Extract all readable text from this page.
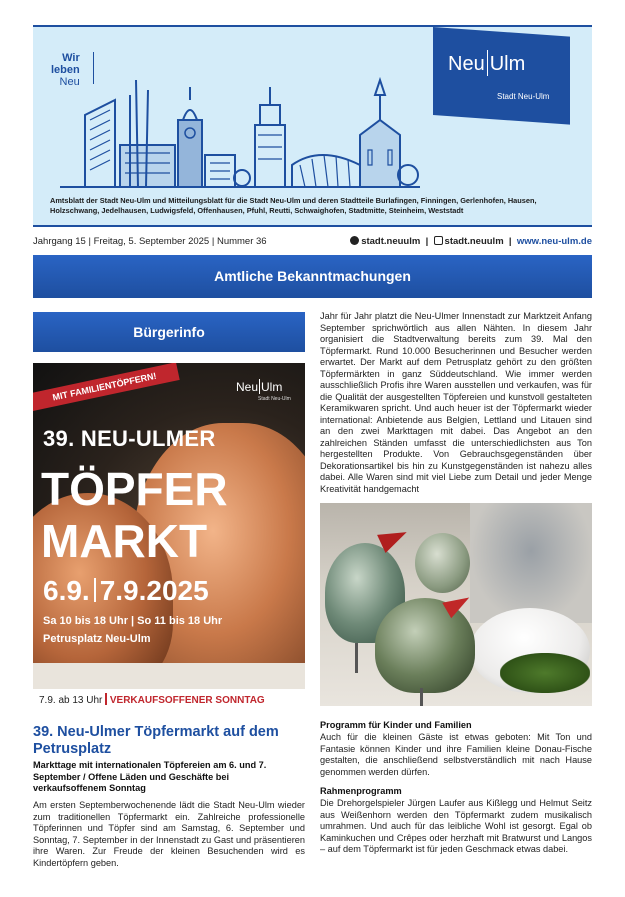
Wir
leben
Neu
Neu Ulm
Stadt Neu-Ulm
Amtsblatt der Stadt Neu-Ulm und Mitteilungsblatt für die Stadt Neu-Ulm und deren Stadtteile Burlafingen, Finningen, Gerlenhofen, Hausen, Holzschwang, Jedelhausen, Ludwigsfeld, Offenhausen, Pfuhl, Reutti, Schwaighofen, Stadtmitte, Steinheim, Weststadt
Jahrgang 15 | Freitag, 5. September 2025 | Nummer 36	stadt.neuulm  |  stadt.neuulm  |  www.neu-ulm.de
Amtliche Bekanntmachungen
Bürgerinfo
MIT FAMILIENTÖPFERN!	Neu Ulm
Stadt Neu-Ulm
39. NEU-ULMER
TÖPFER
MARKT
6.9. 7.9.2025
Sa 10 bis 18 Uhr | So 11 bis 18 Uhr
Petrusplatz Neu-Ulm
7.9. ab 13 Uhr VERKAUFSOFFENER SONNTAG
39. Neu-Ulmer Töpfermarkt auf dem Petrusplatz
Markttage mit internationalen Töpfereien am 6. und 7. September / Offene Läden und Geschäfte bei verkaufsoffenem Sonntag
Am ersten Septemberwochenende lädt die Stadt Neu-Ulm wieder zum traditionellen Töpfermarkt ein. Zahlreiche professionelle Töpferinnen und Töpfer sind am Samstag, 6. September und Sonntag, 7. September in der Innenstadt zu Gast und präsentieren ihre Waren. Zur Freude der kleinen Besuchenden wird es Kindertöpfern geben.
Jahr für Jahr platzt die Neu-Ulmer Innenstadt zur Marktzeit Anfang September sprichwörtlich aus allen Nähten. In diesem Jahr organisiert die Stadtverwaltung bereits zum 39. Mal den Töpfermarkt. Rund 10.000 Besucherinnen und Besucher werden erwartet. Der Markt auf dem Petrusplatz gehört zu den größten Töpfermärkten in ganz Süddeutschland. Wie immer werden ausschließlich Profis ihre Waren ausstellen und verkaufen, was für die Qualität der ausgestellten Töpfereien und kunstvoll gestalteten Keramikwaren spricht. Und auch heuer ist der Töpfermarkt wieder international: Anbietende aus Belgien, Lettland und Litauen sind an den zwei Markttagen mit dabei. Das Angebot an den zahlreichen Ständen umfasst die unterschiedlichsten aus Ton hergestellten Produkte. Von Gebrauchsgegenständen über Dekorationsartikel bis hin zu Kunstgegenständen ist nahezu alles dabei. Alle Waren sind mit viel Liebe zum Detail und jeder Menge Kreativität handgemacht
Programm für Kinder und Familien
Auch für die kleinen Gäste ist etwas geboten: Mit Ton und Fantasie können Kinder und ihre Familien kleine Donau-Fische gestalten, die anschließend selbstverständlich mit nach Hause genommen werden dürfen.
Rahmenprogramm
Die Drehorgelspieler Jürgen Laufer aus Kißlegg und Helmut Seitz aus Weißenhorn werden den Töpfermarkt zudem musikalisch umrahmen. Und auch für das leibliche Wohl ist gesorgt. Egal ob Kaminkuchen und Crêpes oder herzhaft mit Bratwurst und Langos – auf dem Töpfermarkt ist für jeden Geschmack etwas dabei.
